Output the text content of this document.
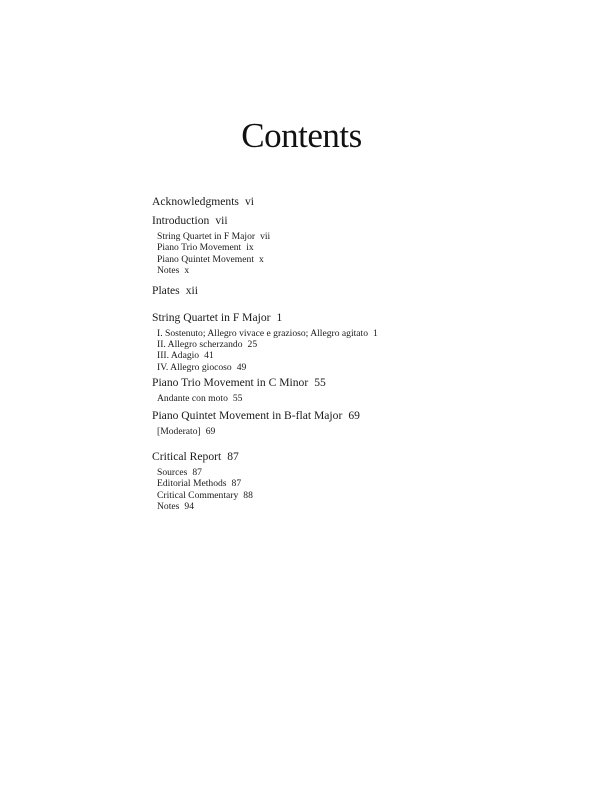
Contents
Acknowledgments vi
Introduction vii
String Quartet in F Major vii
Piano Trio Movement ix
Piano Quintet Movement x
Notes x
Plates xii
String Quartet in F Major 1
I. Sostenuto; Allegro vivace e grazioso; Allegro agitato 1
II. Allegro scherzando 25
III. Adagio 41
IV. Allegro giocoso 49
Piano Trio Movement in C Minor 55
Andante con moto 55
Piano Quintet Movement in B-flat Major 69
[Moderato] 69
Critical Report 87
Sources 87
Editorial Methods 87
Critical Commentary 88
Notes 94
